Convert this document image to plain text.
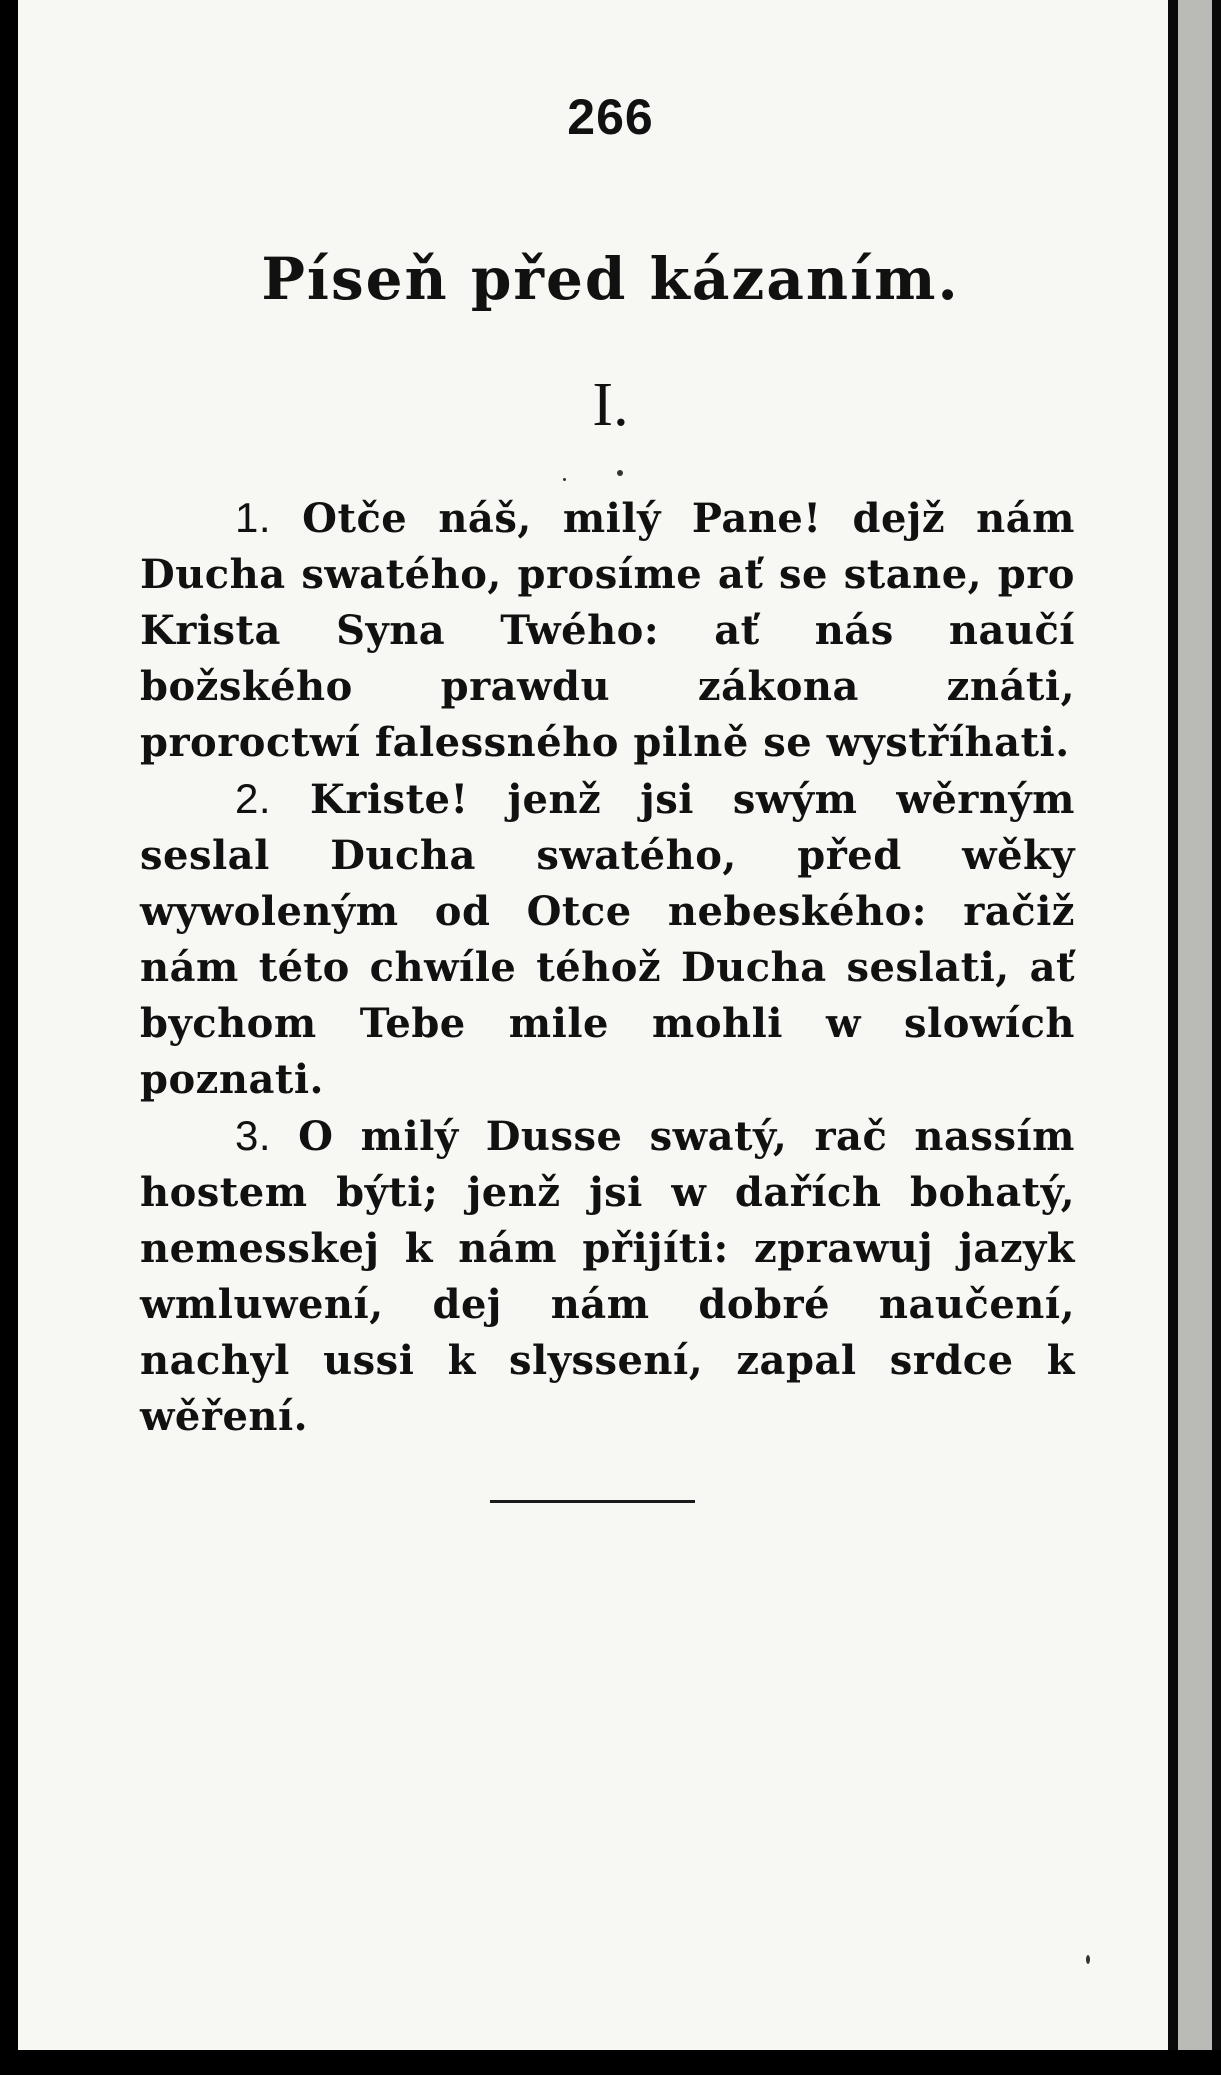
266
Píseň před kázaním.
I.

1. Otče náš, milý Pane! dejž nám Ducha swatého, prosíme ať se stane, pro Krista Syna Twého: ať nás naučí božského prawdu zákona znáti, proroctwí falessného pilně se wystříhati.

2. Kriste! jenž jsi swým wěrným seslal Ducha swatého, před wěky wywoleným od Otce nebeského: račiž nám této chwíle téhož Ducha seslati, ať bychom Tebe mile mohli w slowích poznati.

3. O milý Dusse swatý, rač nassím hostem býti; jenž jsi w dařích bohatý, nemesskej k nám přijíti: zprawuj jazyk wmluwení, dej nám dobré naučení, nachyl ussi k slyssení, zapal srdce k wěření.
